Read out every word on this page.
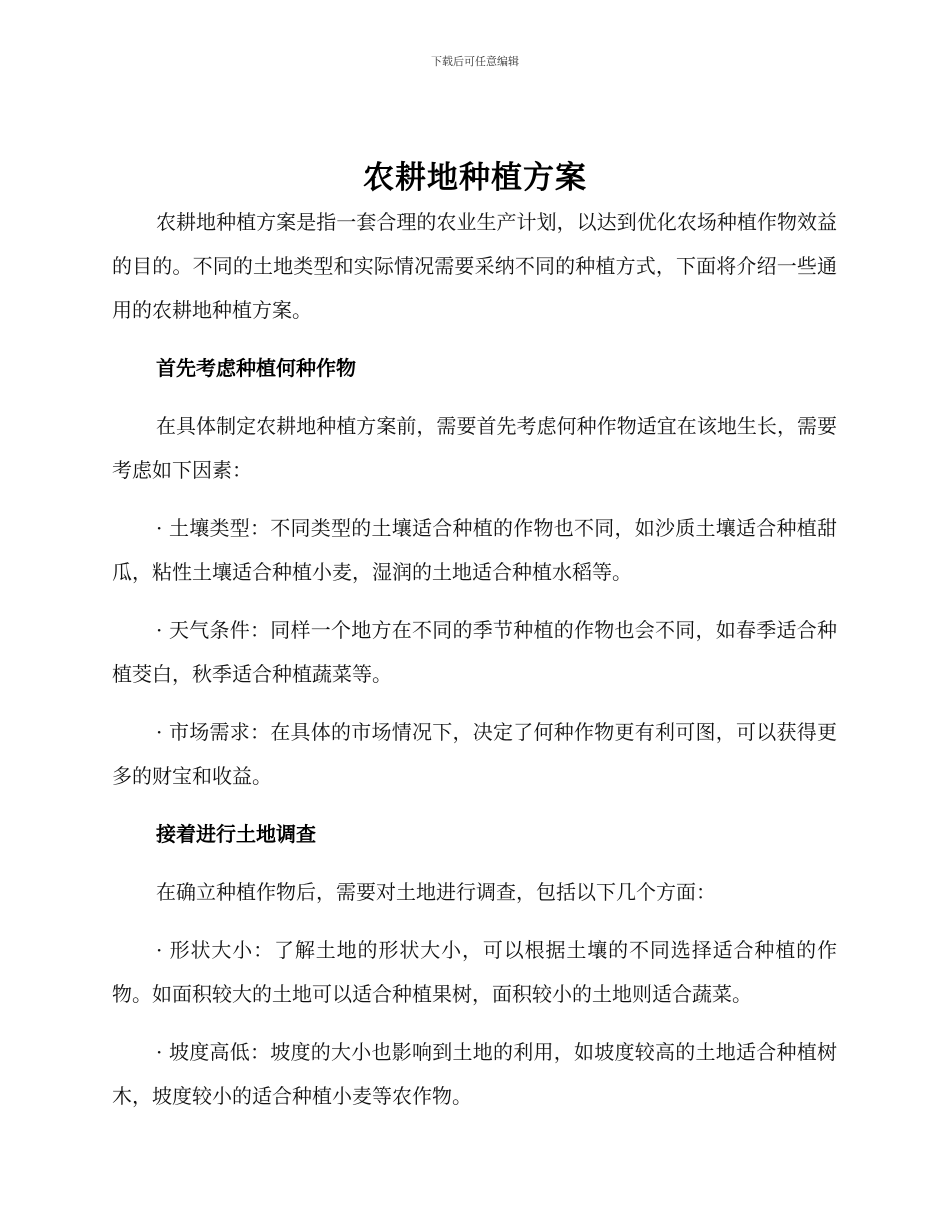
下载后可任意编辑
农耕地种植方案

农耕地种植方案是指一套合理的农业生产计划，以达到优化农场种植作物效益的目的。不同的土地类型和实际情况需要采纳不同的种植方式，下面将介绍一些通用的农耕地种植方案。

首先考虑种植何种作物

在具体制定农耕地种植方案前，需要首先考虑何种作物适宜在该地生长，需要考虑如下因素：

· 土壤类型：不同类型的土壤适合种植的作物也不同，如沙质土壤适合种植甜瓜，粘性土壤适合种植小麦，湿润的土地适合种植水稻等。

· 天气条件：同样一个地方在不同的季节种植的作物也会不同，如春季适合种植茭白，秋季适合种植蔬菜等。

· 市场需求：在具体的市场情况下，决定了何种作物更有利可图，可以获得更多的财宝和收益。

接着进行土地调查

在确立种植作物后，需要对土地进行调查，包括以下几个方面：

· 形状大小：了解土地的形状大小，可以根据土壤的不同选择适合种植的作物。如面积较大的土地可以适合种植果树，面积较小的土地则适合蔬菜。

· 坡度高低：坡度的大小也影响到土地的利用，如坡度较高的土地适合种植树木，坡度较小的适合种植小麦等农作物。
